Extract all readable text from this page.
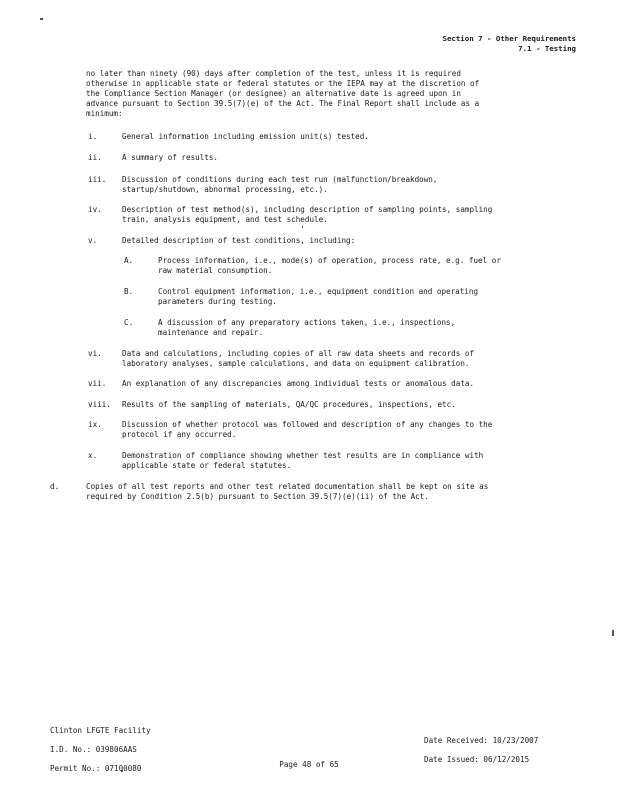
Section 7 - Other Requirements
7.1 - Testing
no later than ninety (90) days after completion of the test, unless it is required
otherwise in applicable state or federal statutes or the IEPA may at the discretion of
the Compliance Section Manager (or designee) an alternative date is agreed upon in
advance pursuant to Section 39.5(7)(e) of the Act. The Final Report shall include as a
minimum:
i.	General information including emission unit(s) tested.
ii.	A summary of results.
iii. Discussion of conditions during each test run (malfunction/breakdown,
startup/shutdown, abnormal processing, etc.).
iv.	Description of test method(s), including description of sampling points, sampling
train, analysis equipment, and test schedule.
v.	Detailed description of test conditions, including:
A.	Process information, i.e., mode(s) of operation, process rate, e.g. fuel or
raw material consumption.
B.	Control equipment information, i.e., equipment condition and operating
parameters during testing.
C.	A discussion of any preparatory actions taken, i.e., inspections,
maintenance and repair.
vi.	Data and calculations, including copies of all raw data sheets and records of
laboratory analyses, sample calculations, and data on equipment calibration.
vii. An explanation of any discrepancies among individual tests or anomalous data.
viii. Results of the sampling of materials, QA/QC procedures, inspections, etc.
ix.	Discussion of whether protocol was followed and description of any changes to the
protocol if any occurred.
x.	Demonstration of compliance showing whether test results are in compliance with
applicable state or federal statutes.
d.	Copies of all test reports and other test related documentation shall be kept on site as
required by Condition 2.5(b) pursuant to Section 39.5(7)(e)(ii) of the Act.

Clinton LFGTE Facility

I.D. No.: 039806AAS

Permit No.: 07100080

Date Received: 10/23/2007

Date Issued: 06/12/2015

Page 48 of 65
